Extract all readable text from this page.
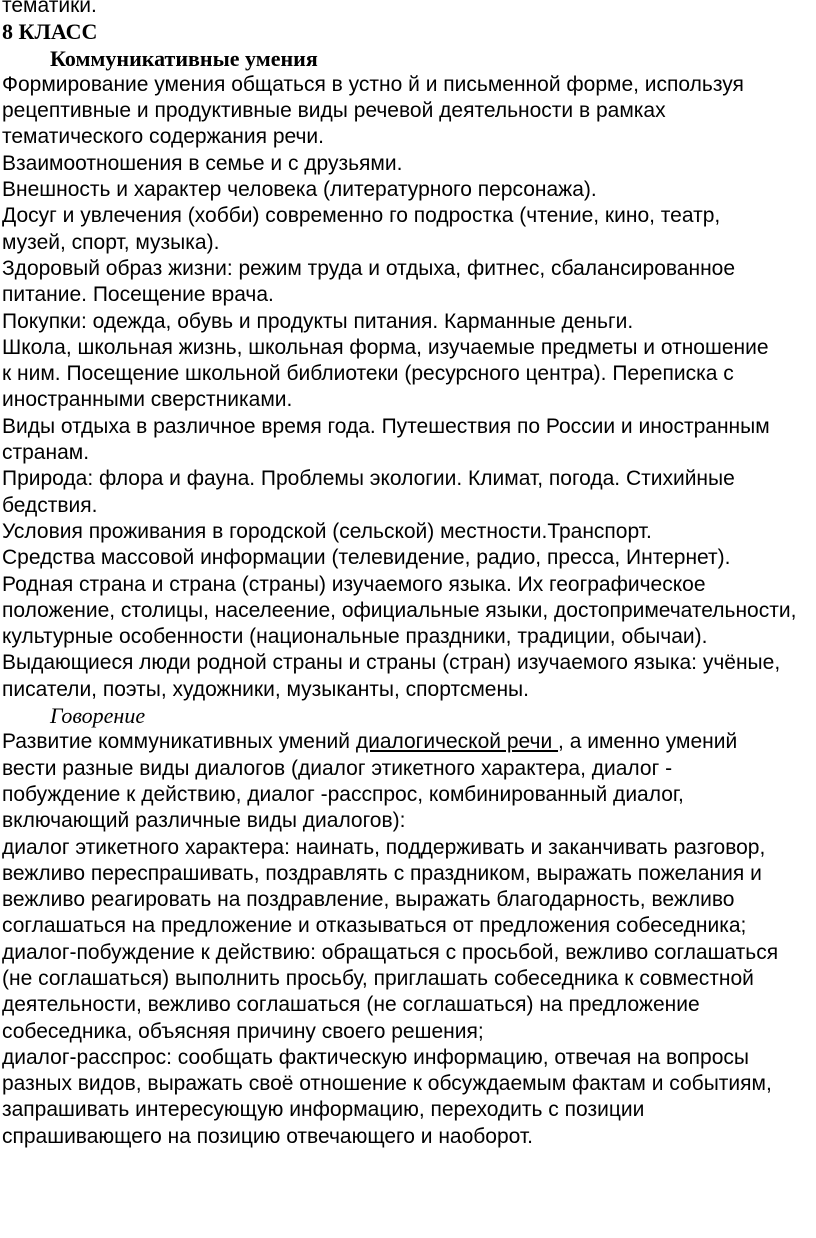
тематики.
8 КЛАСС
Коммуникативные умения
Формирование умения общаться в устно й и письменной форме, используя
рецептивные и продуктивные виды речевой деятельности в рамках
тематического содержания речи.
Взаимоотношения в семье и с друзьями.
Внешность и характер человека (литературного персонажа).
Досуг и увлечения (хобби) современно го подростка (чтение, кино, театр,
музей, спорт, музыка).
Здоровый образ жизни: режим труда и отдыха, фитнес, сбалансированное
питание. Посещение врача.
Покупки: одежда, обувь и продукты питания. Карманные деньги.
Школа, школьная жизнь, школьная форма, изучаемые предметы и отношение
к ним. Посещение школьной библиотеки (ресурсного центра). Переписка с
иностранными сверстниками.
Виды отдыха в различное время года. Путешествия по России и иностранным
странам.
Природа: флора и фауна. Проблемы экологии. Климат, погода. Стихийные
бедствия.
Условия проживания в городской (сельской) местности.Транспорт.
Средства массовой информации (телевидение, радио, пресса, Интернет).
Родная страна и страна (страны) изучаемого языка. Их географическое
положение, столицы, населеение, официальные языки, достопримечательности,
культурные особенности (национальные праздники, традиции, обычаи).
Выдающиеся люди родной страны и страны (стран) изучаемого языка: учёные,
писатели, поэты, художники, музыканты, спортсмены.
Говорение
Развитие коммуникативных умений диалогической речи , а именно умений
вести разные виды диалогов (диалог этикетного характера, диалог -
побуждение к действию, диалог -расспрос, комбинированный диалог,
включающий различные виды диалогов):
диалог этикетного характера: наинать, поддерживать и заканчивать разговор,
вежливо переспрашивать, поздравлять с праздником, выражать пожелания и
вежливо реагировать на поздравление, выражать благодарность, вежливо
соглашаться на предложение и отказываться от предложения собеседника;
диалог-побуждение к действию: обращаться с просьбой, вежливо соглашаться
(не соглашаться) выполнить просьбу, приглашать собеседника к совместной
деятельности, вежливо соглашаться (не соглашаться) на предложение
собеседника, объясняя причину своего решения;
диалог-расспрос: сообщать фактическую информацию, отвечая на вопросы
разных видов, выражать своё отношение к обсуждаемым фактам и событиям,
запрашивать интересующую информацию, переходить с позиции
спрашивающего на позицию отвечающего и наоборот.
